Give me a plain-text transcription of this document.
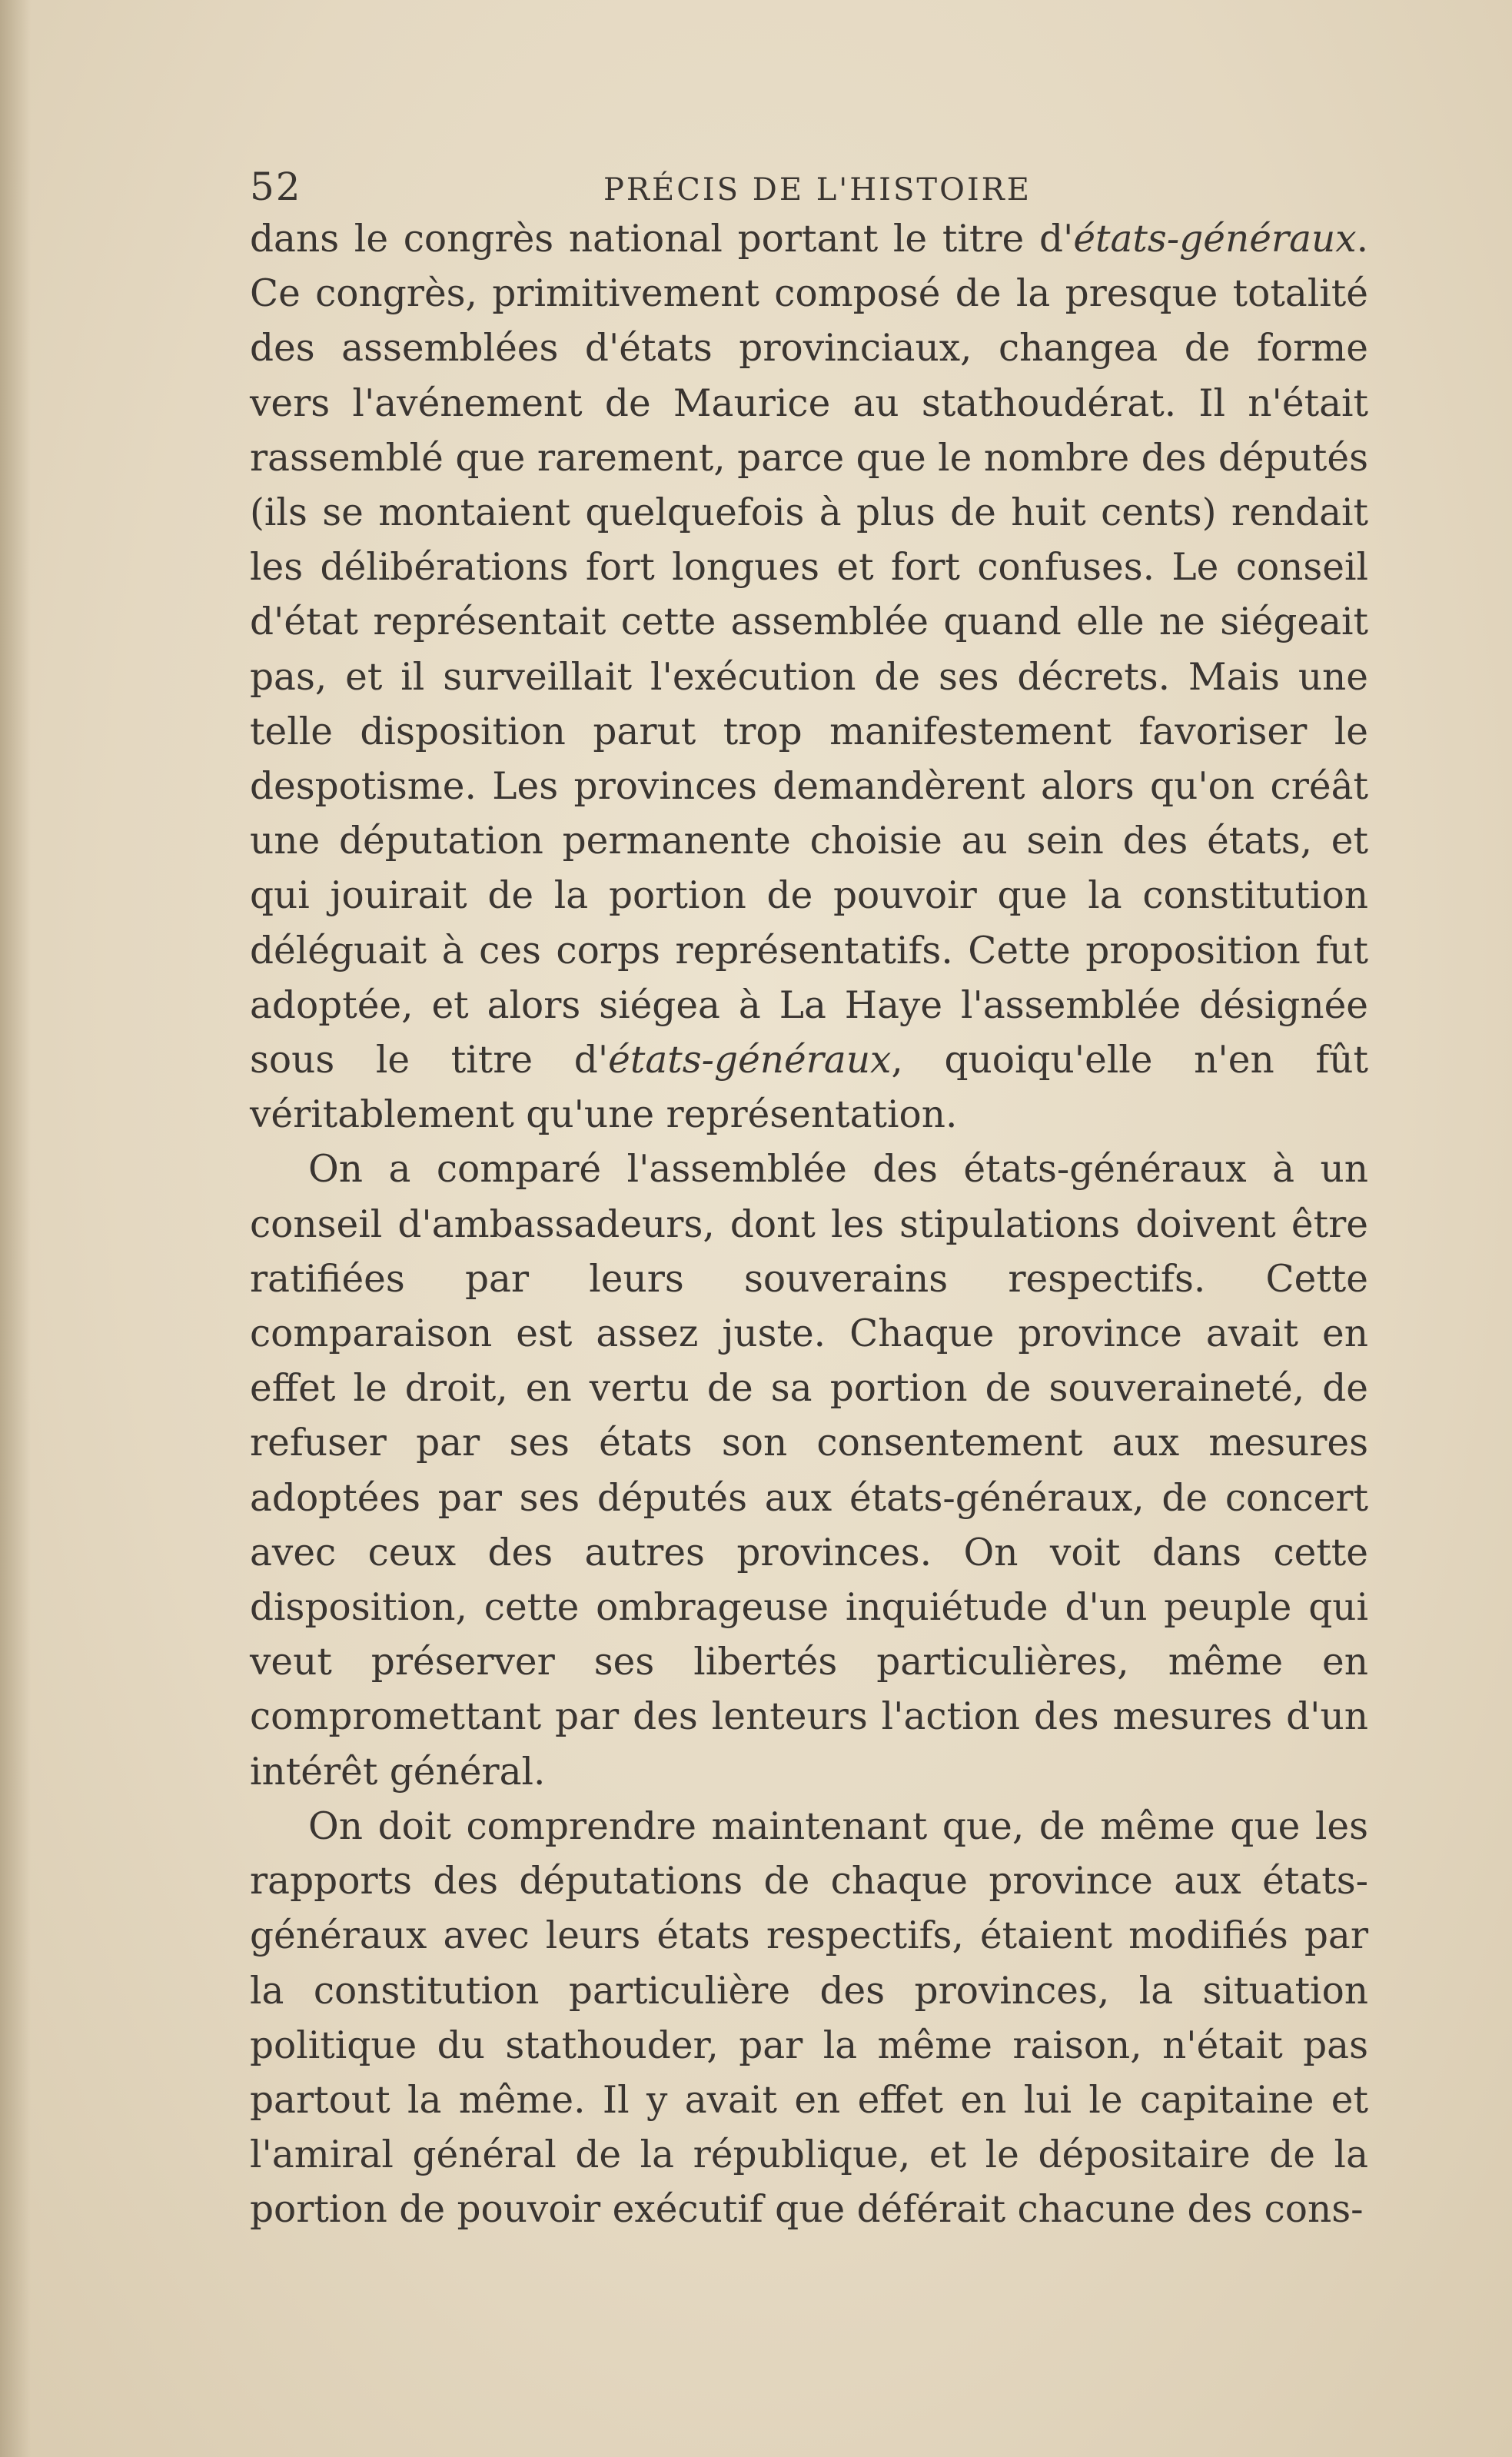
52	PRÉCIS DE L'HISTOIRE

dans le congrès national portant le titre d'états-généraux. Ce congrès, primitivement composé de la presque totalité des assemblées d'états provinciaux, changea de forme vers l'avénement de Maurice au stathoudérat. Il n'était rassemblé que rarement, parce que le nombre des députés (ils se montaient quelquefois à plus de huit cents) rendait les délibérations fort longues et fort confuses. Le conseil d'état représentait cette assemblée quand elle ne siégeait pas, et il surveillait l'exécution de ses décrets. Mais une telle disposition parut trop manifestement favoriser le despotisme. Les provinces demandèrent alors qu'on créât une députation permanente choisie au sein des états, et qui jouirait de la portion de pouvoir que la constitution déléguait à ces corps représentatifs. Cette proposition fut adoptée, et alors siégea à La Haye l'assemblée désignée sous le titre d'états-généraux, quoiqu'elle n'en fût véritablement qu'une représentation.

On a comparé l'assemblée des états-généraux à un conseil d'ambassadeurs, dont les stipulations doivent être ratifiées par leurs souverains respectifs. Cette comparaison est assez juste. Chaque province avait en effet le droit, en vertu de sa portion de souveraineté, de refuser par ses états son consentement aux mesures adoptées par ses députés aux états-généraux, de concert avec ceux des autres provinces. On voit dans cette disposition, cette ombrageuse inquiétude d'un peuple qui veut préserver ses libertés particulières, même en compromettant par des lenteurs l'action des mesures d'un intérêt général.

On doit comprendre maintenant que, de même que les rapports des députations de chaque province aux états-généraux avec leurs états respectifs, étaient modifiés par la constitution particulière des provinces, la situation politique du stathouder, par la même raison, n'était pas partout la même. Il y avait en effet en lui le capitaine et l'amiral général de la république, et le dépositaire de la portion de pouvoir exécutif que déférait chacune des cons-
